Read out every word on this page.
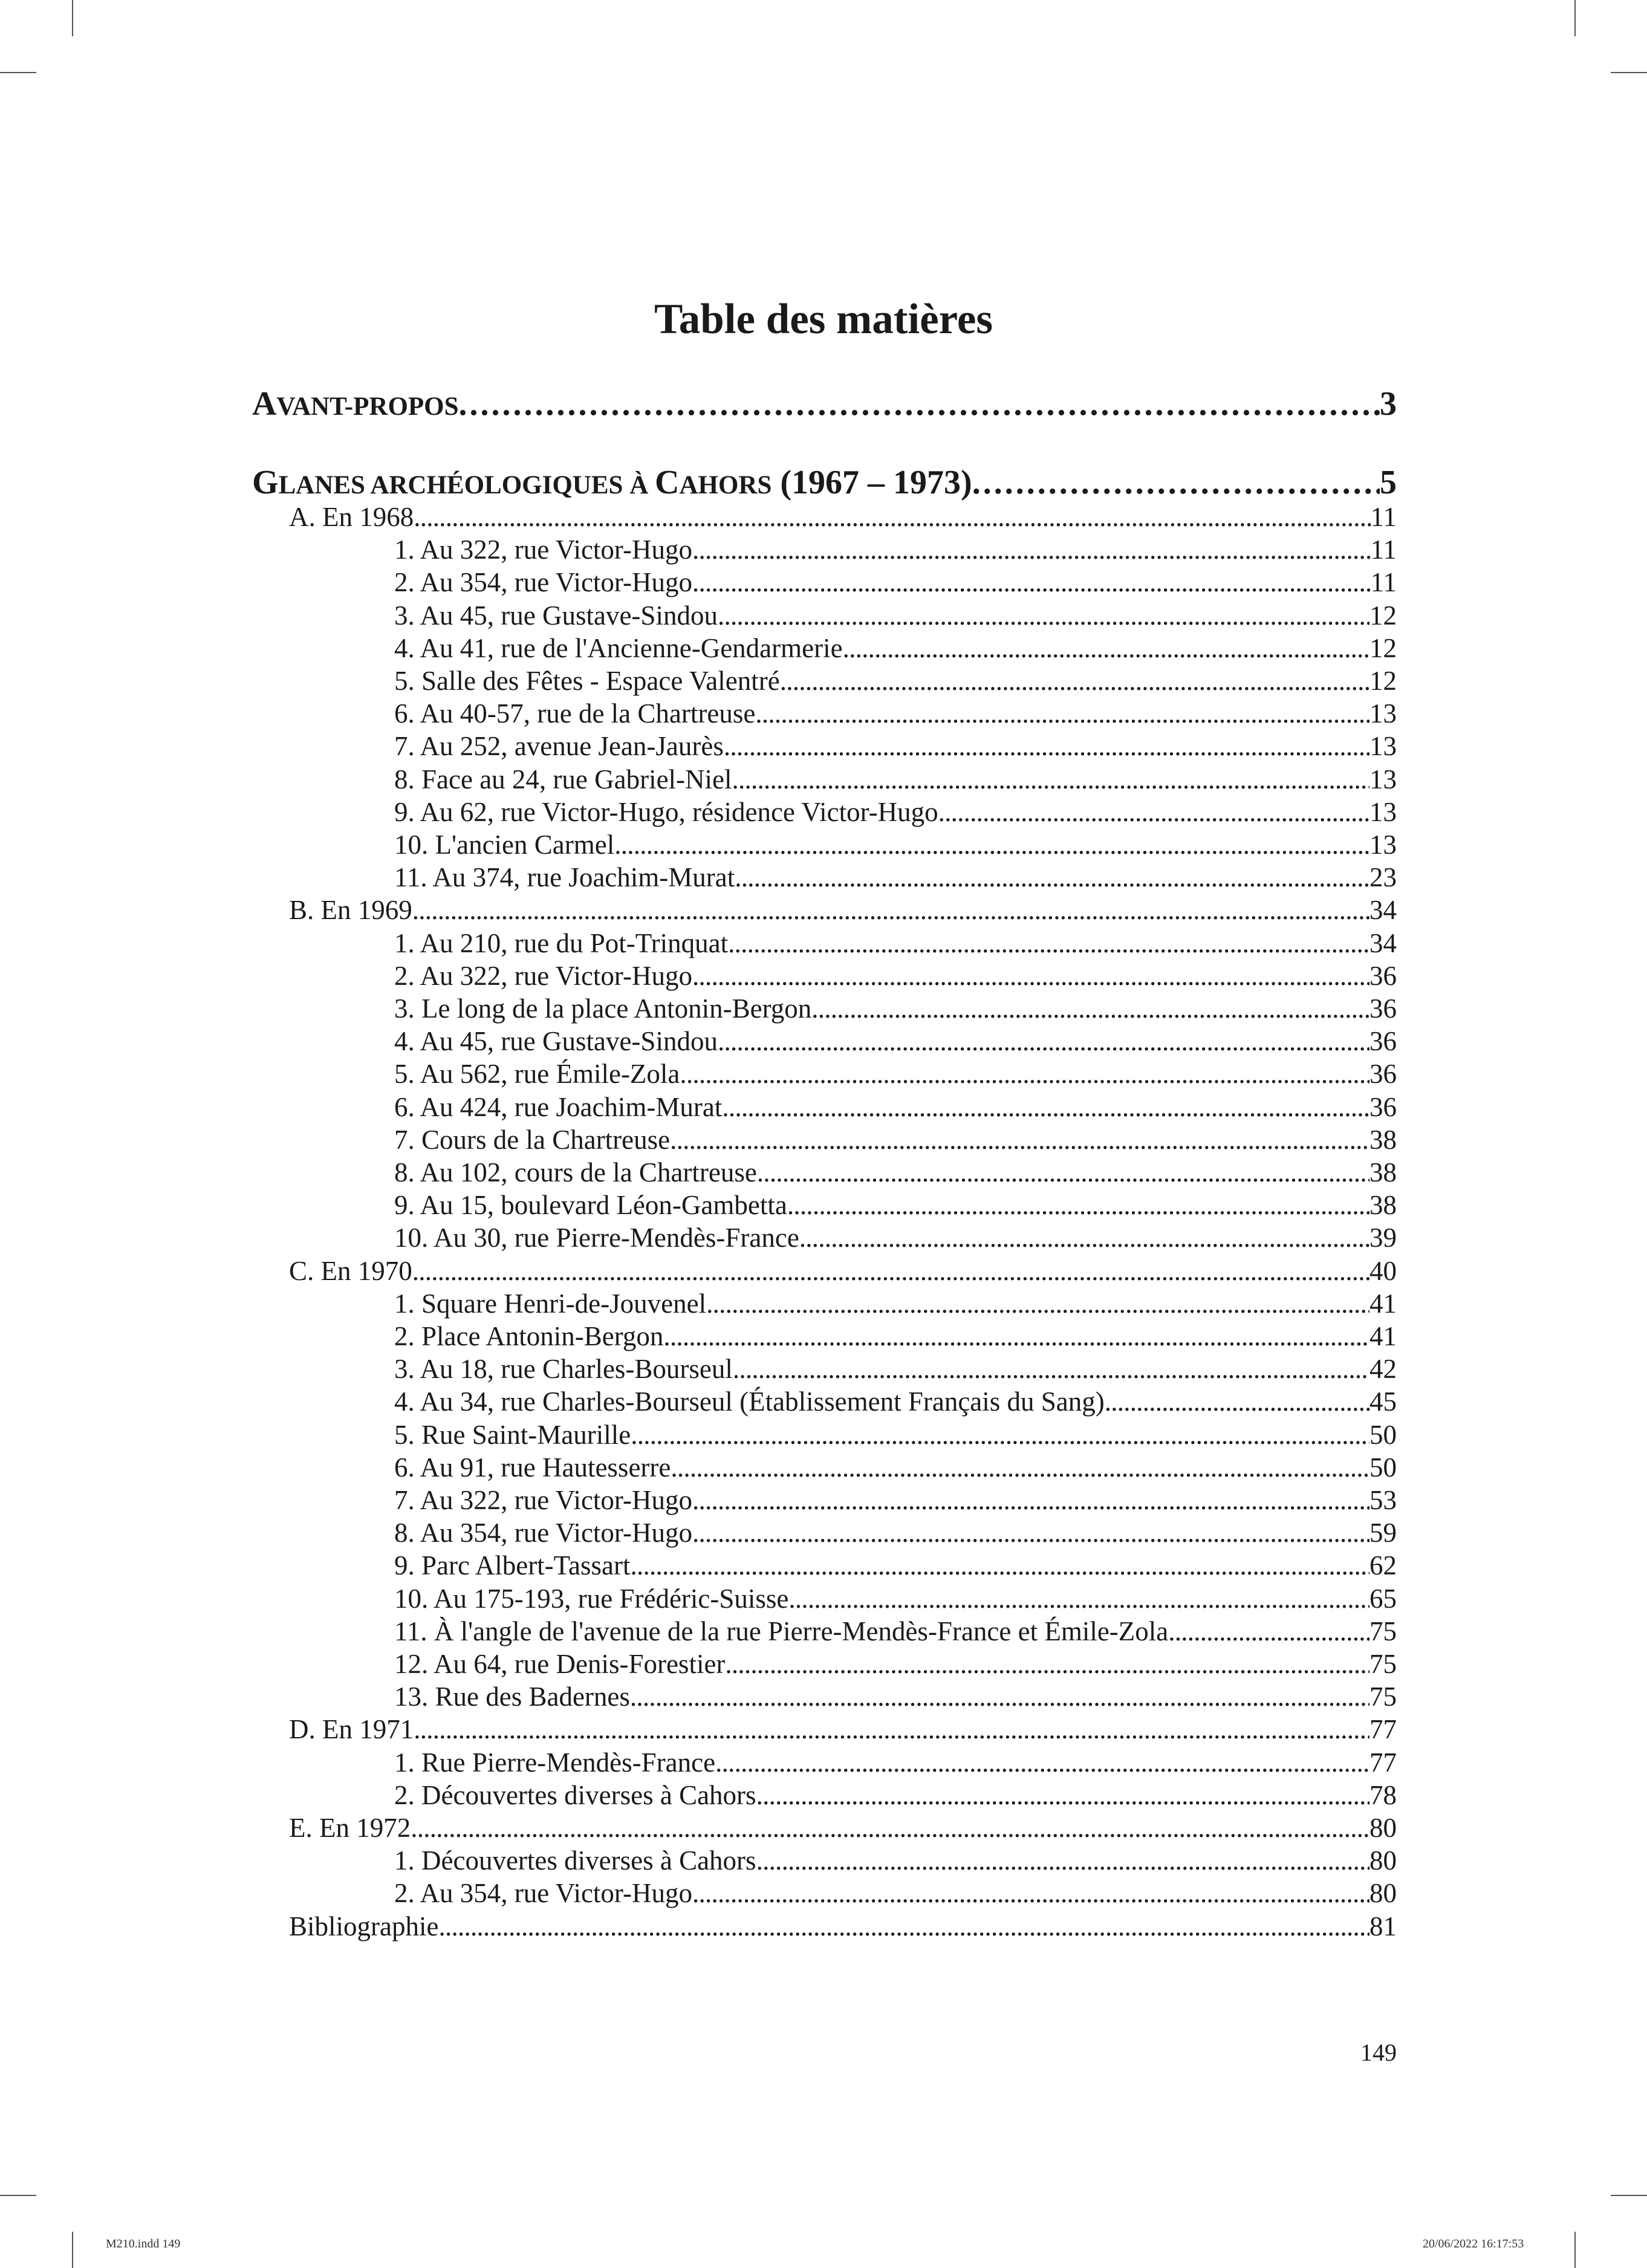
Table des matières
AVANT-PROPOS . . .	3
GLANES ARCHÉOLOGIQUES À CAHORS (1967 – 1973) . . .	5
A. En 1968 . . .	11
1. Au 322, rue Victor-Hugo . . .	11
2. Au 354, rue Victor-Hugo . . .	11
3. Au 45, rue Gustave-Sindou . . .	12
4. Au 41, rue de l'Ancienne-Gendarmerie . . .	12
5. Salle des Fêtes - Espace Valentré . . .	12
6. Au 40-57, rue de la Chartreuse . . .	13
7. Au 252, avenue Jean-Jaurès . . .	13
8. Face au 24, rue Gabriel-Niel . . .	13
9. Au 62, rue Victor-Hugo, résidence Victor-Hugo . . .	13
10. L'ancien Carmel . . .	13
11. Au 374, rue Joachim-Murat . . .	23
B. En 1969 . . .	34
1. Au 210, rue du Pot-Trinquat . . .	34
2. Au 322, rue Victor-Hugo . . .	36
3. Le long de la place Antonin-Bergon . . .	36
4. Au 45, rue Gustave-Sindou . . .	36
5. Au 562, rue Émile-Zola . . .	36
6. Au 424, rue Joachim-Murat . . .	36
7. Cours de la Chartreuse . . .	38
8. Au 102, cours de la Chartreuse . . .	38
9. Au 15, boulevard Léon-Gambetta . . .	38
10. Au 30, rue Pierre-Mendès-France . . .	39
C. En 1970 . . .	40
1. Square Henri-de-Jouvenel . . .	41
2. Place Antonin-Bergon . . .	41
3. Au 18, rue Charles-Bourseul . . .	42
4. Au 34, rue Charles-Bourseul (Établissement Français du Sang) . . .	45
5. Rue Saint-Maurille . . .	50
6. Au 91, rue Hautesserre . . .	50
7. Au 322, rue Victor-Hugo . . .	53
8. Au 354, rue Victor-Hugo . . .	59
9. Parc Albert-Tassart . . .	62
10. Au 175-193, rue Frédéric-Suisse . . .	65
11. À l'angle de l'avenue de la rue Pierre-Mendès-France et Émile-Zola . . .	75
12. Au 64, rue Denis-Forestier . . .	75
13. Rue des Badernes . . .	75
D. En 1971 . . .	77
1. Rue Pierre-Mendès-France . . .	77
2. Découvertes diverses à Cahors . . .	78
E. En 1972 . . .	80
1. Découvertes diverses à Cahors . . .	80
2. Au 354, rue Victor-Hugo . . .	80
Bibliographie . . .	81
149
M210.indd 149	20/06/2022 16:17:53
